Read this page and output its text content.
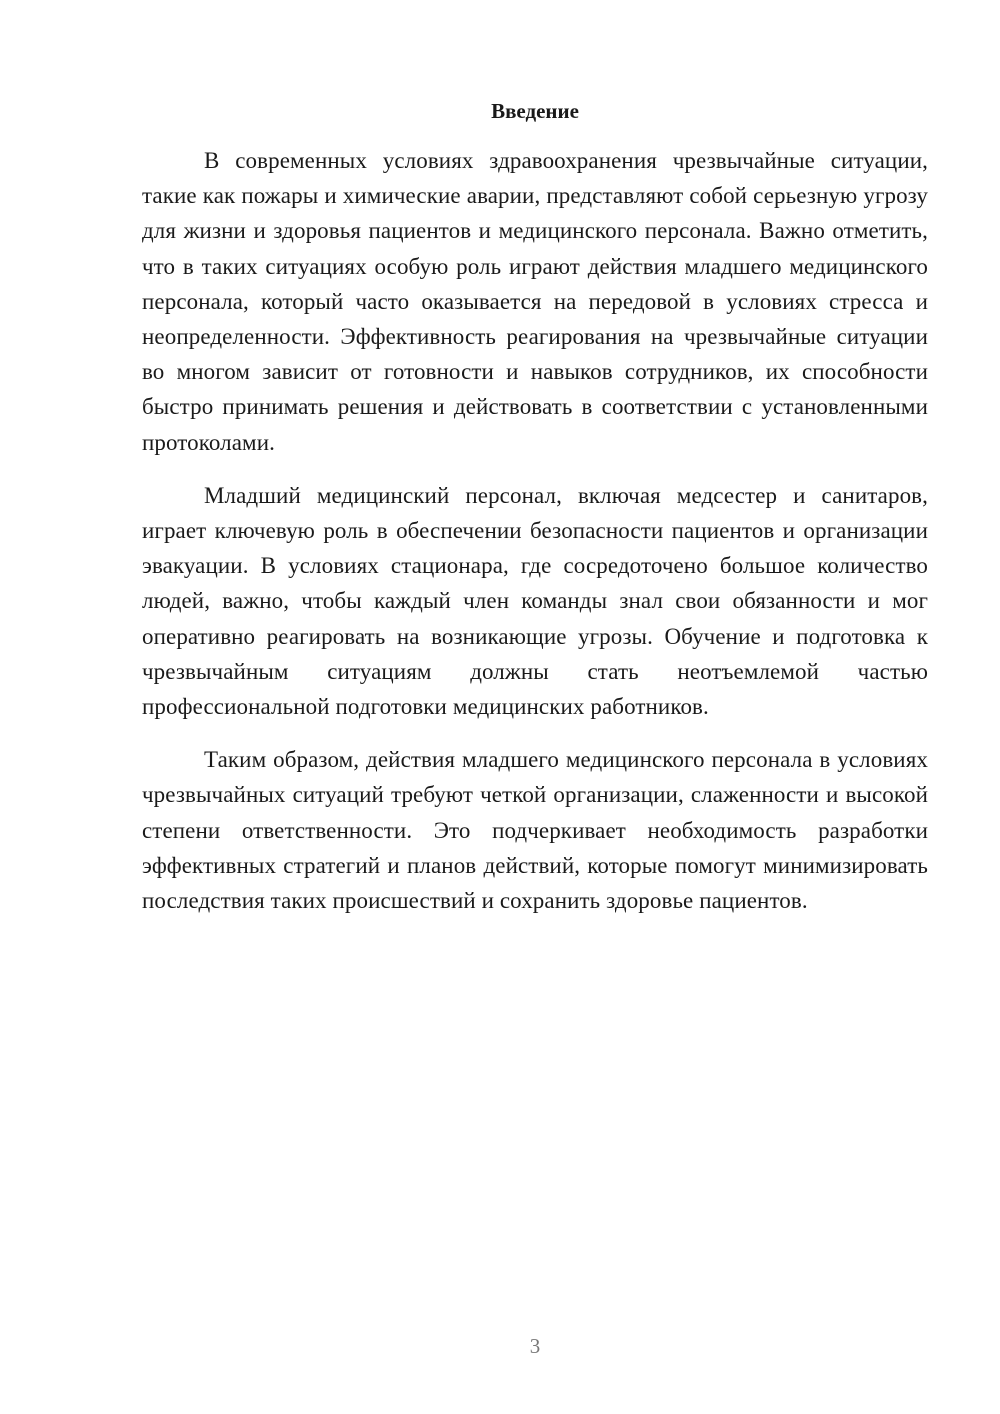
Введение

В современных условиях здравоохранения чрезвычайные ситуации, такие как пожары и химические аварии, представляют собой серьезную угрозу для жизни и здоровья пациентов и медицинского персонала. Важно отметить, что в таких ситуациях особую роль играют действия младшего медицинского персонала, который часто оказывается на передовой в условиях стресса и неопределенности. Эффективность реагирования на чрезвычайные ситуации во многом зависит от готовности и навыков сотрудников, их способности быстро принимать решения и действовать в соответствии с установленными протоколами.

Младший медицинский персонал, включая медсестер и санитаров, играет ключевую роль в обеспечении безопасности пациентов и организации эвакуации. В условиях стационара, где сосредоточено большое количество людей, важно, чтобы каждый член команды знал свои обязанности и мог оперативно реагировать на возникающие угрозы. Обучение и подготовка к чрезвычайным ситуациям должны стать неотъемлемой частью профессиональной подготовки медицинских работников.

Таким образом, действия младшего медицинского персонала в условиях чрезвычайных ситуаций требуют четкой организации, слаженности и высокой степени ответственности. Это подчеркивает необходимость разработки эффективных стратегий и планов действий, которые помогут минимизировать последствия таких происшествий и сохранить здоровье пациентов.

3
